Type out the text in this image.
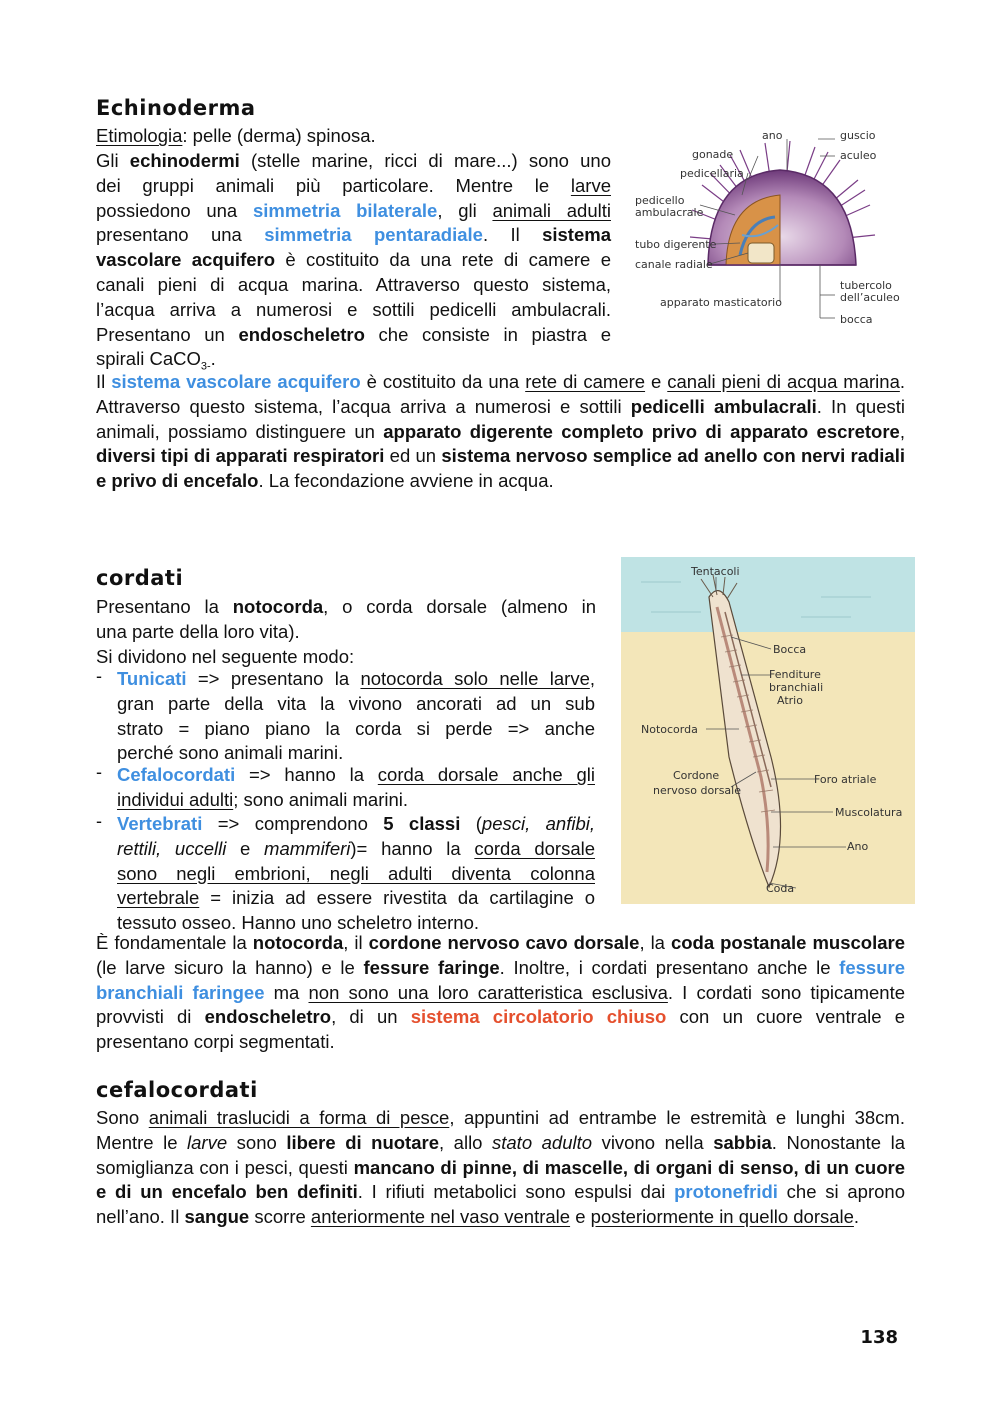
Echinoderma
Etimologia: pelle (derma) spinosa.
Gli echinodermi (stelle marine, ricci di mare...) sono uno
dei gruppi animali più particolare. Mentre le larve
possiedono una simmetria bilaterale, gli animali adulti
presentano una simmetria pentaradiale. Il sistema
vascolare acquifero è costituito da una rete di camere e
canali pieni di acqua marina. Attraverso questo sistema,
l’acqua arriva a numerosi e sottili pedicelli ambulacrali.
Presentano un endoscheletro che consiste in piastra e
spirali CaCO$_{3-}$.
ano	guscio
gonade	aculeo
pedicellaria
pedicello
ambulacrale
tubo digerente
canale radiale
tubercolo
dell’aculeo
apparato masticatorio
bocca

Il sistema vascolare acquifero è costituito da una rete di camere e canali pieni di acqua marina. Attraverso questo sistema, l’acqua arriva a numerosi e sottili pedicelli ambulacrali. In questi animali, possiamo distinguere un apparato digerente completo privo di apparato escretore, diversi tipi di apparati respiratori ed un sistema nervoso semplice ad anello con nervi radiali e privo di encefalo. La fecondazione avviene in acqua.

cordati
Presentano la notocorda, o corda dorsale (almeno in
una parte della loro vita).
Si dividono nel seguente modo:
- Tunicati => presentano la notocorda solo nelle larve,
gran parte della vita la vivono ancorati ad un sub
strato = piano piano la corda si perde => anche
perché sono animali marini.
- Cefalocordati => hanno la corda dorsale anche gli
individui adulti; sono animali marini.
- Vertebrati => comprendono 5 classi (pesci, anfibi,
rettili, uccelli e mammiferi)= hanno la corda dorsale
sono negli embrioni, negli adulti diventa colonna
vertebrale = inizia ad essere rivestita da cartilagine o
tessuto osseo. Hanno uno scheletro interno.
Tentacoli
Bocca
Fenditure
branchiali
Atrio
Notocorda
Cordone
nervoso dorsale
Foro atriale
Muscolatura
Ano
Coda

È fondamentale la notocorda, il cordone nervoso cavo dorsale, la coda postanale muscolare (le larve sicuro la hanno) e le fessure faringe. Inoltre, i cordati presentano anche le fessure branchiali faringee ma non sono una loro caratteristica esclusiva. I cordati sono tipicamente provvisti di endoscheletro, di un sistema circolatorio chiuso con un cuore ventrale e presentano corpi segmentati.

cefalocordati

Sono animali traslucidi a forma di pesce, appuntini ad entrambe le estremità e lunghi 38cm. Mentre le larve sono libere di nuotare, allo stato adulto vivono nella sabbia. Nonostante la somiglianza con i pesci, questi mancano di pinne, di mascelle, di organi di senso, di un cuore e di un encefalo ben definiti. I rifiuti metabolici sono espulsi dai protonefridi che si aprono nell’ano. Il sangue scorre anteriormente nel vaso ventrale e posteriormente in quello dorsale.

138
